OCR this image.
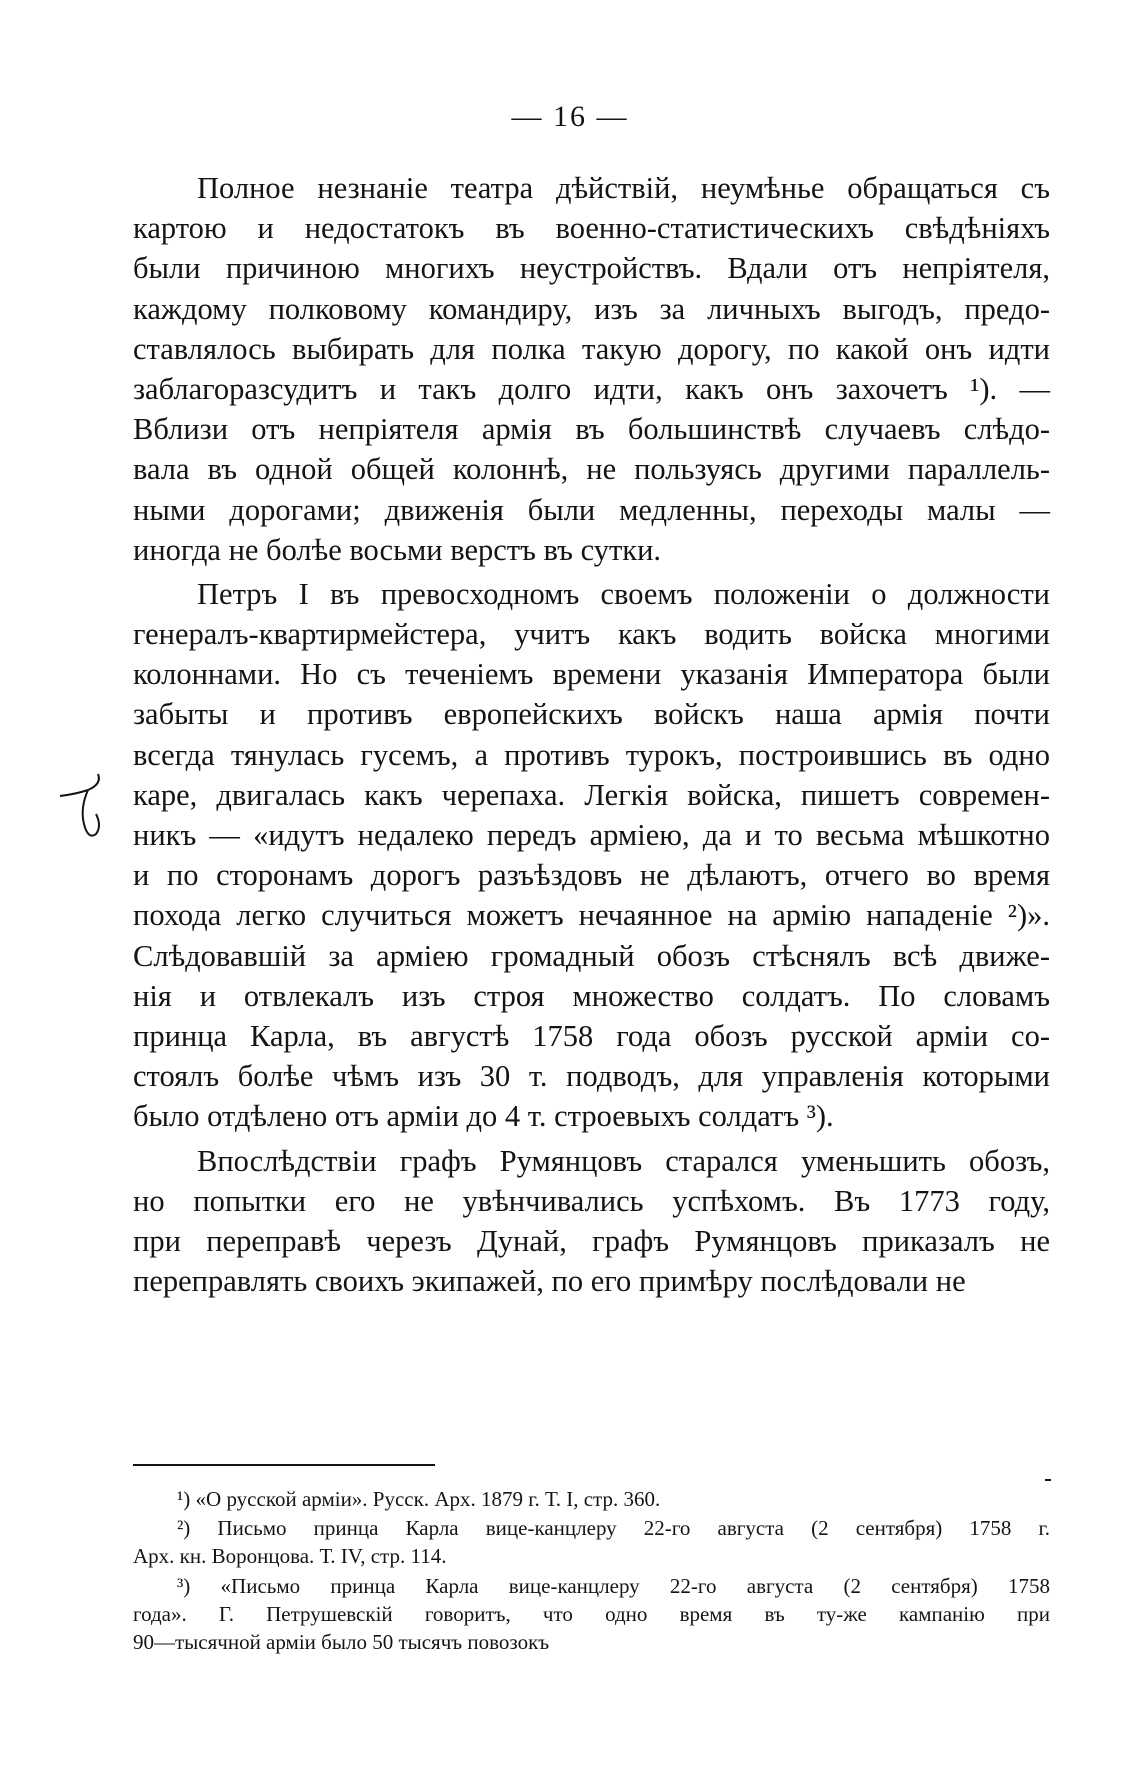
— 16 —
Полное незнаніе театра дѣйствій, неумѣнье обращаться съ
картою и недостатокъ въ военно-статистическихъ свѣдѣніяхъ
были причиною многихъ неустройствъ. Вдали отъ непріятеля,
каждому полковому командиру, изъ за личныхъ выгодъ, предо-
ставлялось выбирать для полка такую дорогу, по какой онъ идти
заблагоразсудитъ и такъ долго идти, какъ онъ захочетъ ¹). —
Вблизи отъ непріятеля армія въ большинствѣ случаевъ слѣдо-
вала въ одной общей колоннѣ, не пользуясь другими параллель-
ными дорогами; движенія были медленны, переходы малы —
иногда не болѣе восьми верстъ въ сутки.
Петръ I въ превосходномъ своемъ положеніи о должности
генералъ-квартирмейстера, учитъ какъ водить войска многими
колоннами. Но съ теченіемъ времени указанія Императора были
забыты и противъ европейскихъ войскъ наша армія почти
всегда тянулась гусемъ, а противъ турокъ, построившись въ одно
каре, двигалась какъ черепаха. Легкія войска, пишетъ современ-
никъ — «идутъ недалеко передъ арміею, да и то весьма мѣшкотно
и по сторонамъ дорогъ разъѣздовъ не дѣлаютъ, отчего во время
похода легко случиться можетъ нечаянное на армію нападеніе ²)».
Слѣдовавшій за арміею громадный обозъ стѣснялъ всѣ движе-
нія и отвлекалъ изъ строя множество солдатъ. По словамъ
принца Карла, въ августѣ 1758 года обозъ русской арміи со-
стоялъ болѣе чѣмъ изъ 30 т. подводъ, для управленія которыми
было отдѣлено отъ арміи до 4 т. строевыхъ солдатъ ³).
Впослѣдствіи графъ Румянцовъ старался уменьшить обозъ,
но попытки его не увѣнчивались успѣхомъ. Въ 1773 году,
при переправѣ черезъ Дунай, графъ Румянцовъ приказалъ не
переправлять своихъ экипажей, по его примѣру послѣдовали не
¹) «О русской арміи». Русск. Арх. 1879 г. Т. I, стр. 360.
²) Письмо принца Карла вице-канцлеру 22-го августа (2 сентября) 1758 г.
Арх. кн. Воронцова. Т. IV, стр. 114.
³) «Письмо принца Карла вице-канцлеру 22-го августа (2 сентября) 1758
года». Г. Петрушевскій говоритъ, что одно время въ ту-же кампанію при
90—тысячной арміи было 50 тысячъ повозокъ
